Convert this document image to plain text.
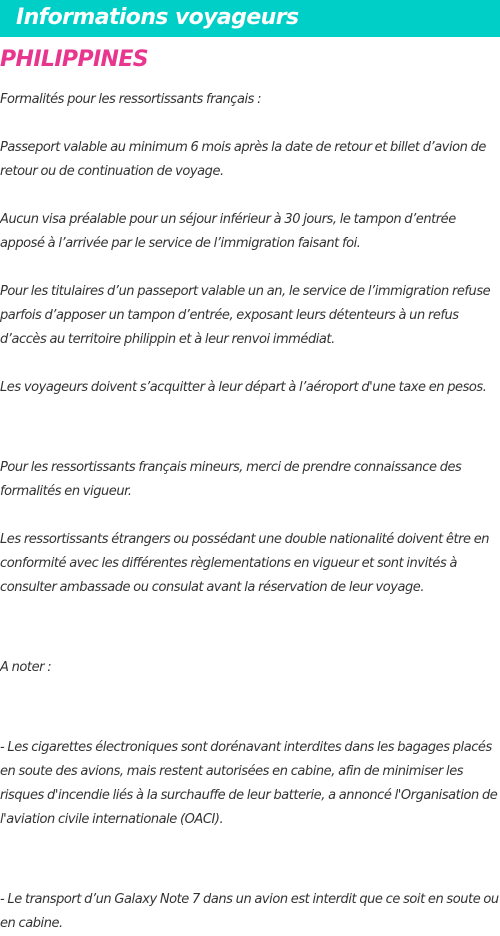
Informations voyageurs
PHILIPPINES

Formalités pour les ressortissants français :

Passeport valable au minimum 6 mois après la date de retour et billet d’avion de retour ou de continuation de voyage.

Aucun visa préalable pour un séjour inférieur à 30 jours, le tampon d’entrée apposé à l’arrivée par le service de l’immigration faisant foi.

Pour les titulaires d’un passeport valable un an, le service de l’immigration refuse parfois d’apposer un tampon d’entrée, exposant leurs détenteurs à un refus d’accès au territoire philippin et à leur renvoi immédiat.

Les voyageurs doivent s’acquitter à leur départ à l’aéroport d'une taxe en pesos.

Pour les ressortissants français mineurs, merci de prendre connaissance des formalités en vigueur.

Les ressortissants étrangers ou possédant une double nationalité doivent être en conformité avec les différentes règlementations en vigueur et sont invités à consulter ambassade ou consulat avant la réservation de leur voyage.

A noter :

- Les cigarettes électroniques sont dorénavant interdites dans les bagages placés en soute des avions, mais restent autorisées en cabine, afin de minimiser les risques d'incendie liés à la surchauffe de leur batterie, a annoncé l'Organisation de l'aviation civile internationale (OACI).

- Le transport d’un Galaxy Note 7 dans un avion est interdit que ce soit en soute ou en cabine.
